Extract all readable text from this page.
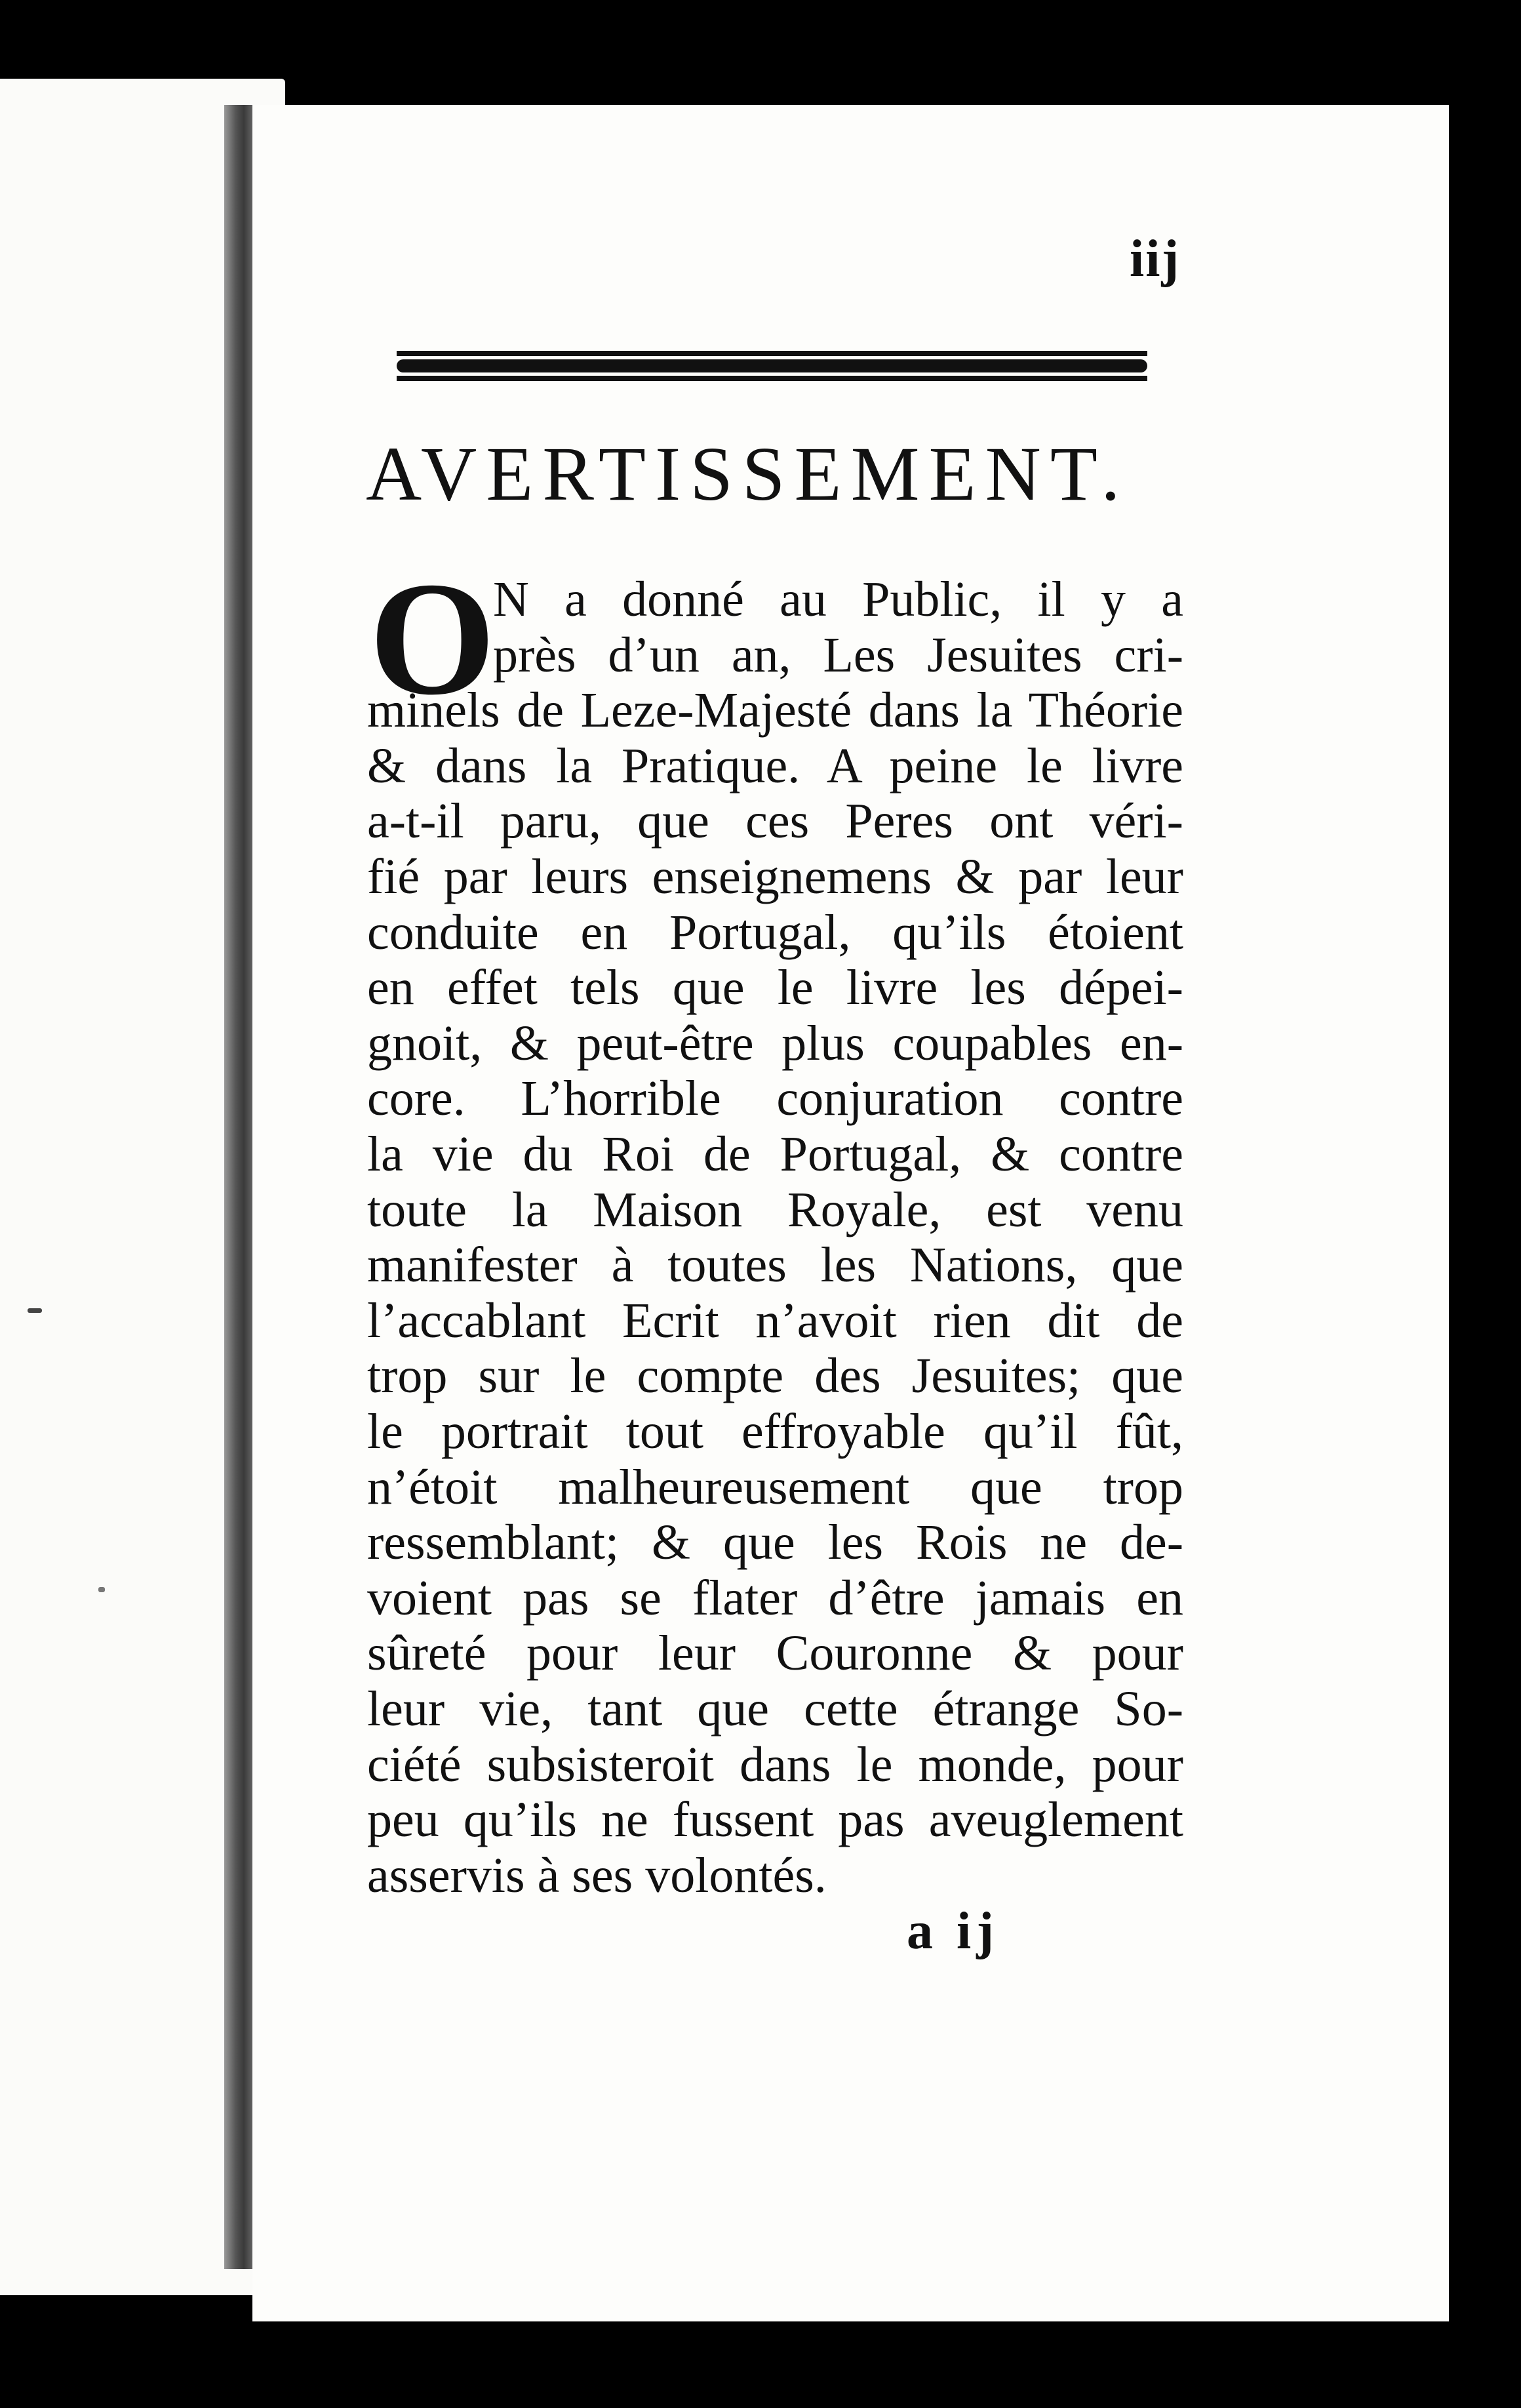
iij
AVERTISSEMENT.
O
N a donné au Public, il y a
près d’un an, Les Jesuites cri-
minels de Leze-Majesté dans la Théorie
& dans la Pratique. A peine le livre
a-t-il paru, que ces Peres ont véri-
fié par leurs enseignemens & par leur
conduite en Portugal, qu’ils étoient
en effet tels que le livre les dépei-
gnoit, & peut-être plus coupables en-
core. L’horrible conjuration contre
la vie du Roi de Portugal, & contre
toute la Maison Royale, est venu
manifester à toutes les Nations, que
l’accablant Ecrit n’avoit rien dit de
trop sur le compte des Jesuites; que
le portrait tout effroyable qu’il fût,
n’étoit malheureusement que trop
ressemblant; & que les Rois ne de-
voient pas se flater d’être jamais en
sûreté pour leur Couronne & pour
leur vie, tant que cette étrange So-
ciété subsisteroit dans le monde, pour
peu qu’ils ne fussent pas aveuglement
asservis à ses volontés.
a ij
